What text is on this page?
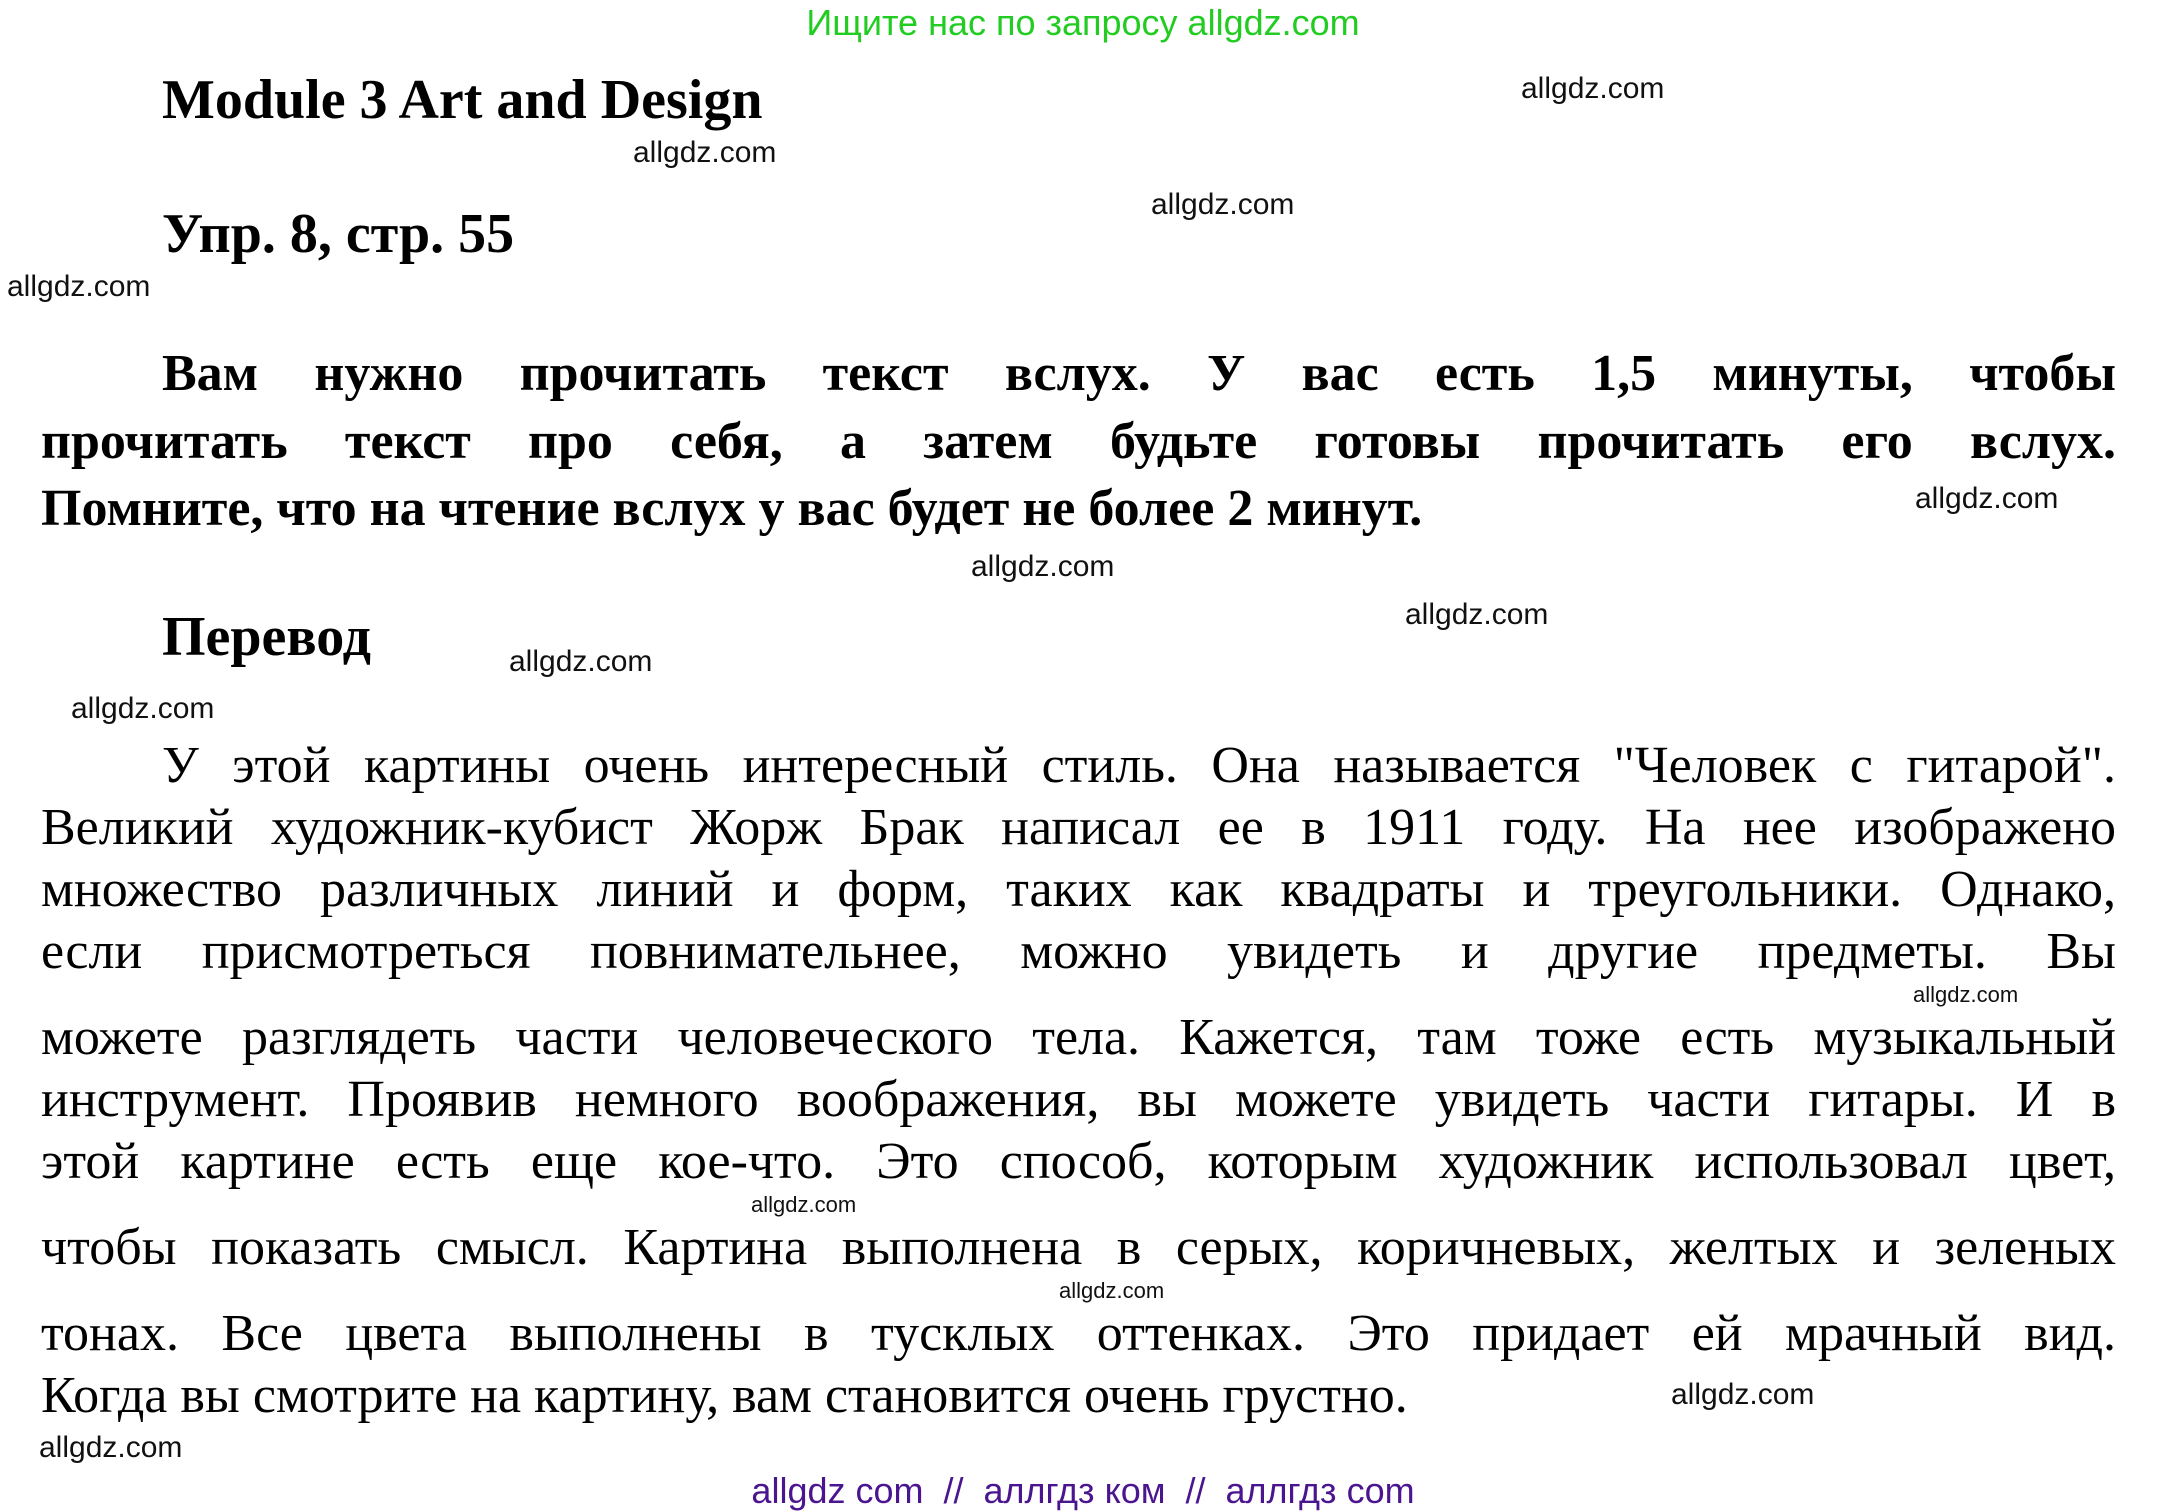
Ищите нас по запросу allgdz.com
Module 3 Art and Design
Упр. 8, стр. 55
Вам нужно прочитать текст вслух. У вас есть 1,5 минуты, чтобы
прочитать текст про себя, а затем будьте готовы прочитать его вслух.
Помните, что на чтение вслух у вас будет не более 2 минут.
Перевод
У этой картины очень интересный стиль. Она называется "Человек с гитарой".
Великий художник-кубист Жорж Брак написал ее в 1911 году. На нее изображено
множество различных линий и форм, таких как квадраты и треугольники. Однако,
если присмотреться повнимательнее, можно увидеть и другие предметы. Вы
можете разглядеть части человеческого тела. Кажется, там тоже есть музыкальный
инструмент. Проявив немного воображения, вы можете увидеть части гитары. И в
этой картине есть еще кое-что. Это способ, которым художник использовал цвет,
чтобы показать смысл. Картина выполнена в серых, коричневых, желтых и зеленых
тонах. Все цвета выполнены в тусклых оттенках. Это придает ей мрачный вид.
Когда вы смотрите на картину, вам становится очень грустно.
allgdz.com
allgdz.com
allgdz.com
allgdz.com
allgdz.com
allgdz.com
allgdz.com
allgdz.com
allgdz.com
allgdz.com
allgdz.com
allgdz.com
allgdz.com
allgdz.com
allgdz com  //  аллгдз ком  //  аллгдз com
